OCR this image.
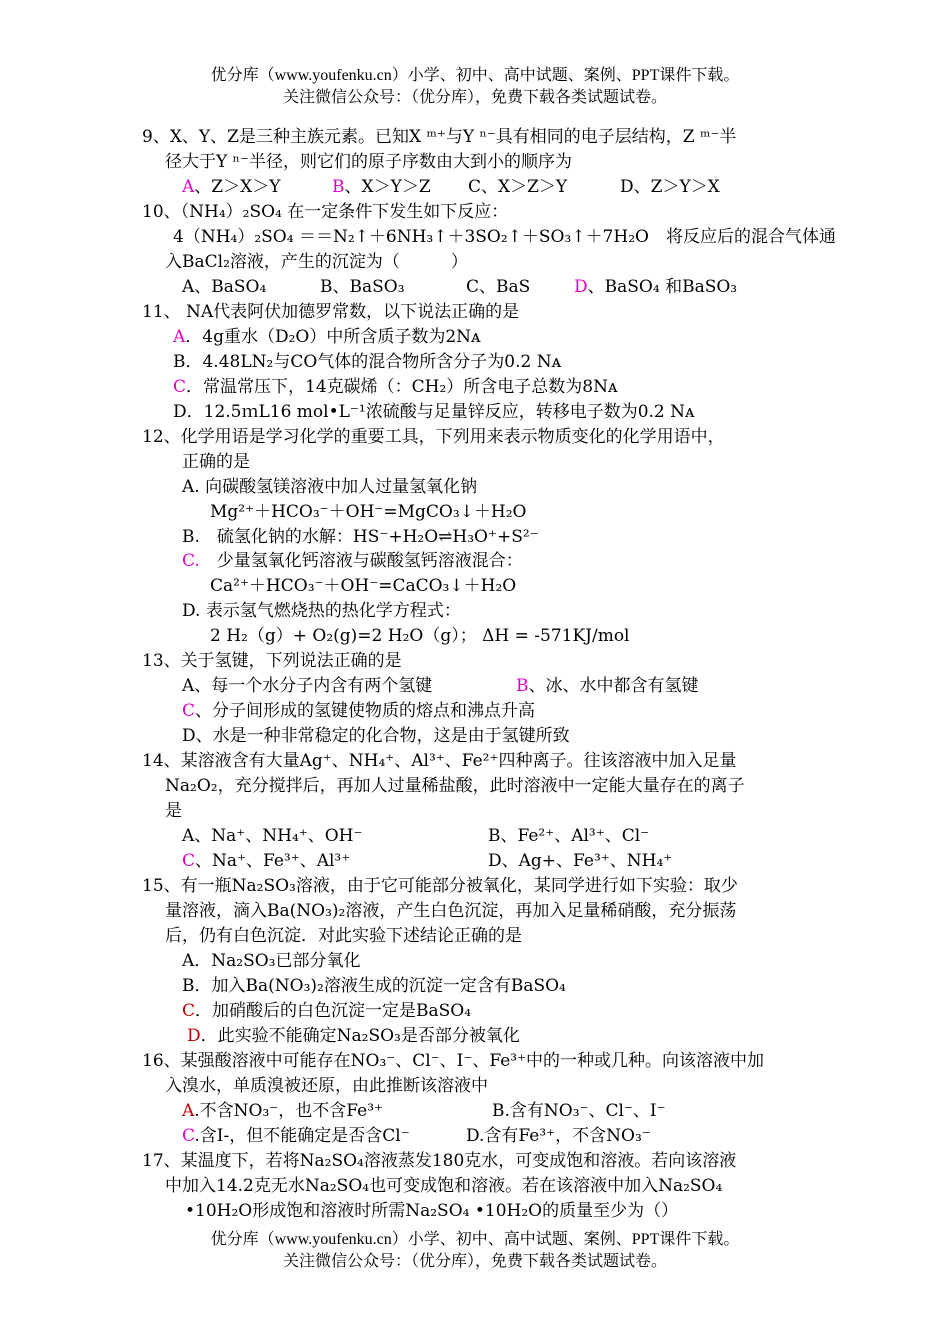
优分库（www.youfenku.cn）小学、初中、高中试题、案例、PPT课件下载。
关注微信公众号：（优分库），免费下载各类试题试卷。
9、X、Y、Z是三种主族元素。已知X ᵐ⁺与Y ⁿ⁻具有相同的电子层结构，Z ᵐ⁻半
径大于Y ⁿ⁻半径，则它们的原子序数由大到小的顺序为
A、Z＞X＞Y	B、X＞Y＞Z C、X＞Z＞Y	D、Z＞Y＞X
10、（NH₄）₂SO₄ 在一定条件下发生如下反应：
4（NH₄）₂SO₄ ＝＝N₂↑＋6NH₃↑＋3SO₂↑＋SO₃↑＋7H₂O　将反应后的混合气体通
入BaCl₂溶液，产生的沉淀为（　　　）
A、BaSO₄	B、BaSO₃	C、BaS	D、BaSO₄ 和BaSO₃
11、 NA代表阿伏加德罗常数，以下说法正确的是
A．4g重水（D₂O）中所含质子数为2Nᴀ
B．4.48LN₂与CO气体的混合物所含分子为0.2 Nᴀ
C．常温常压下，14克碳烯（：CH₂）所含电子总数为8Nᴀ
D．12.5ｍL16 mol•L⁻¹浓硫酸与足量锌反应，转移电子数为0.2 Nᴀ
12、化学用语是学习化学的重要工具，下列用来表示物质变化的化学用语中，
正确的是
A. 向碳酸氢镁溶液中加人过量氢氧化钠
Mg²⁺＋HCO₃⁻＋OH⁻=MgCO₃↓＋H₂O
B.　硫氢化钠的水解：HS⁻+H₂O⇌H₃O⁺+S²⁻
C.　少量氢氧化钙溶液与碳酸氢钙溶液混合：
Ca²⁺＋HCO₃⁻＋OH⁻=CaCO₃↓＋H₂O
D. 表示氢气燃烧热的热化学方程式：
2 H₂（g）+ O₂(g)=2 H₂O（g）； ΔH = -571KJ/mol
13、关于氢键，下列说法正确的是
A、每一个水分子内含有两个氢键	B、冰、水中都含有氢键
C、分子间形成的氢键使物质的熔点和沸点升高
D、水是一种非常稳定的化合物，这是由于氢键所致
14、某溶液含有大量Ag⁺、NH₄⁺、Al³⁺、Fe²⁺四种离子。往该溶液中加入足量
Na₂O₂，充分搅拌后，再加人过量稀盐酸，此时溶液中一定能大量存在的离子
是
A、Na⁺、NH₄⁺、OH⁻	B、Fe²⁺、Al³⁺、Cl⁻
C、Na⁺、Fe³⁺、Al³⁺	D、Ag+、Fe³⁺、NH₄⁺
15、有一瓶Na₂SO₃溶液，由于它可能部分被氧化，某同学进行如下实验：取少
量溶液，滴入Ba(NO₃)₂溶液，产生白色沉淀，再加入足量稀硝酸，充分振荡
后，仍有白色沉淀．对此实验下述结论正确的是
A．Na₂SO₃已部分氧化
B．加入Ba(NO₃)₂溶液生成的沉淀一定含有BaSO₄
C．加硝酸后的白色沉淀一定是BaSO₄
D．此实验不能确定Na₂SO₃是否部分被氧化
16、某强酸溶液中可能存在NO₃⁻、Cl⁻、I⁻、Fe³⁺中的一种或几种。向该溶液中加
入溴水，单质溴被还原，由此推断该溶液中
A.不含NO₃⁻，也不含Fe³⁺	B.含有NO₃⁻、Cl⁻、I⁻
C.含I-，但不能确定是否含Cl⁻	D.含有Fe³⁺，不含NO₃⁻
17、某温度下，若将Na₂SO₄溶液蒸发180克水，可变成饱和溶液。若向该溶液
中加入14.2克无水Na₂SO₄也可变成饱和溶液。若在该溶液中加入Na₂SO₄
•10H₂O形成饱和溶液时所需Na₂SO₄ •10H₂O的质量至少为（）
优分库（www.youfenku.cn）小学、初中、高中试题、案例、PPT课件下载。
关注微信公众号：（优分库），免费下载各类试题试卷。
